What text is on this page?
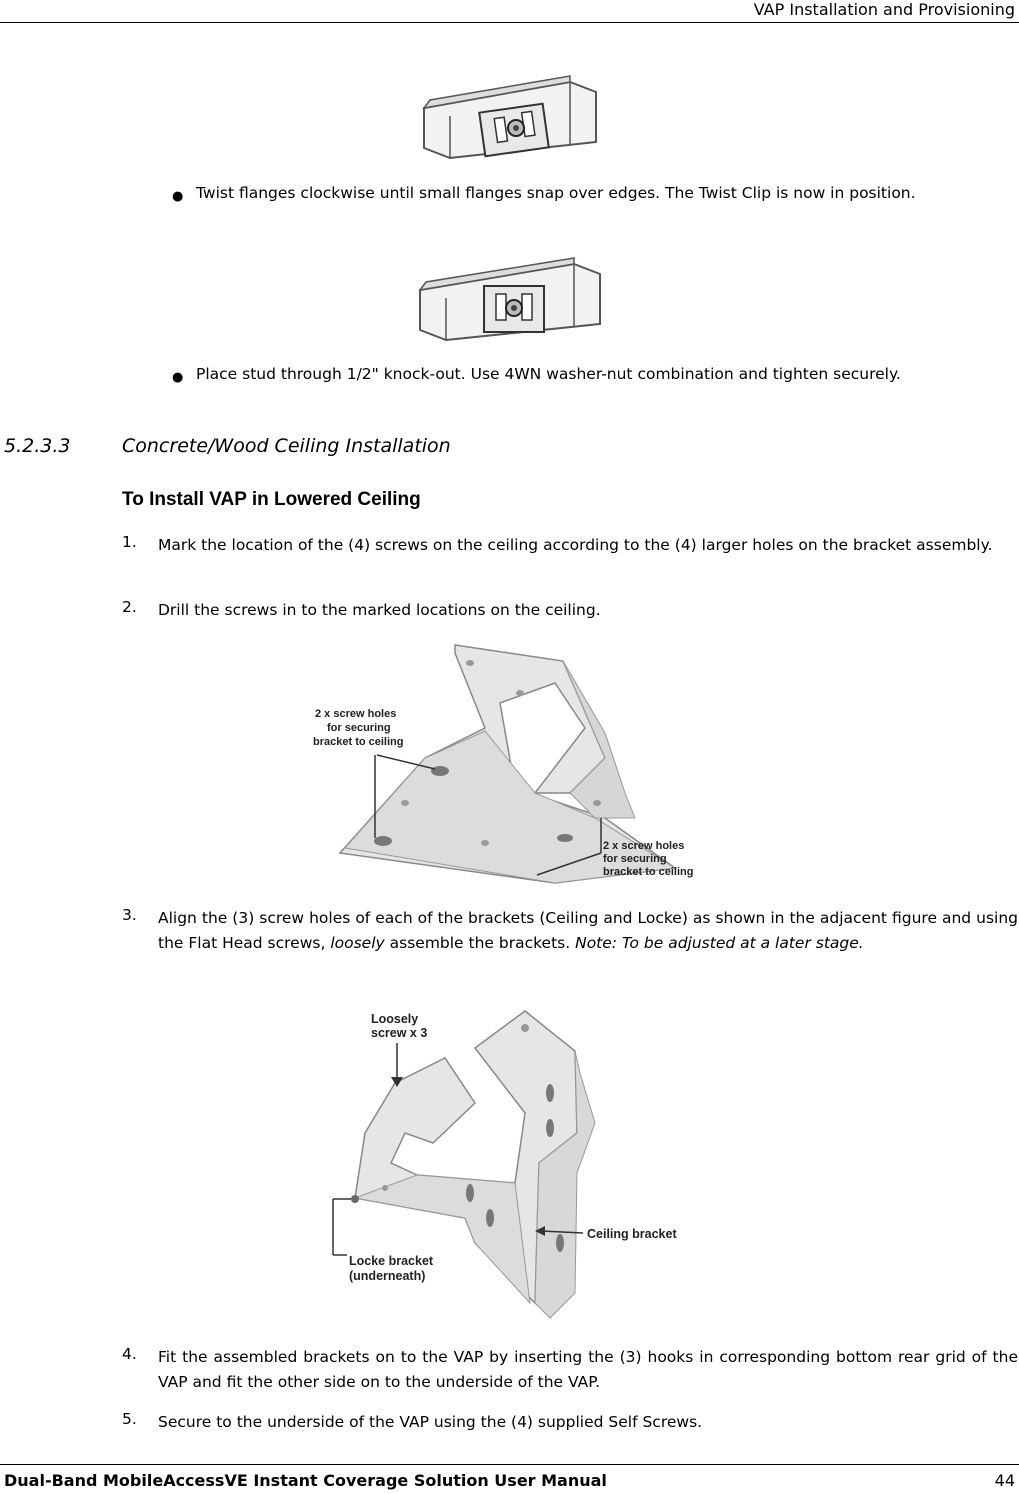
VAP Installation and Provisioning
● Twist flanges clockwise until small flanges snap over edges. The Twist Clip is now in position.
● Place stud through 1/2" knock-out. Use 4WN washer-nut combination and tighten securely.
5.2.3.3	Concrete/Wood Ceiling Installation
To Install VAP in Lowered Ceiling
1. Mark the location of the (4) screws on the ceiling according to the (4) larger holes on the bracket assembly.
2. Drill the screws in to the marked locations on the ceiling.
2 x screw holes
for securing
bracket to ceiling
2 x screw holes
for securing
bracket to ceiling
3. Align the (3) screw holes of each of the brackets (Ceiling and Locke) as shown in the adjacent figure and using the Flat Head screws, loosely assemble the brackets. Note: To be adjusted at a later stage.
Loosely
screw x 3
Ceiling bracket
Locke bracket
(underneath)
4. Fit the assembled brackets on to the VAP by inserting the (3) hooks in corresponding bottom rear grid of the VAP and fit the other side on to the underside of the VAP.
5. Secure to the underside of the VAP using the (4) supplied Self Screws.
Dual-Band MobileAccessVE Instant Coverage Solution User Manual	44
